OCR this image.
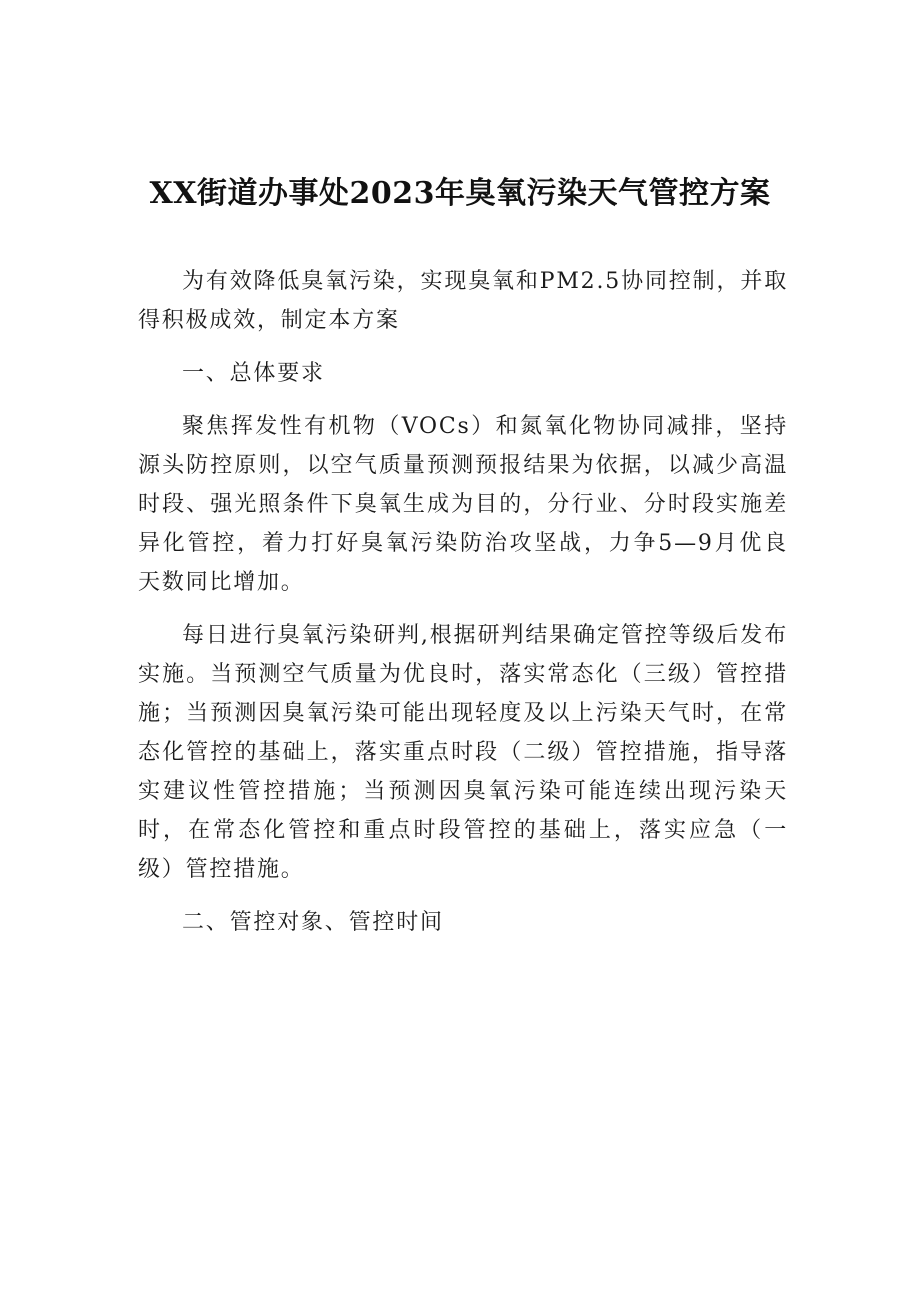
XX街道办事处2023年臭氧污染天气管控方案

为有效降低臭氧污染，实现臭氧和PM2.5协同控制，并取得积极成效，制定本方案

一、总体要求

聚焦挥发性有机物（VOCs）和氮氧化物协同减排，坚持源头防控原则，以空气质量预测预报结果为依据，以减少高温时段、强光照条件下臭氧生成为目的，分行业、分时段实施差异化管控，着力打好臭氧污染防治攻坚战，力争5—9月优良天数同比增加。

每日进行臭氧污染研判,根据研判结果确定管控等级后发布实施。当预测空气质量为优良时，落实常态化（三级）管控措施；当预测因臭氧污染可能出现轻度及以上污染天气时，在常态化管控的基础上，落实重点时段（二级）管控措施，指导落实建议性管控措施；当预测因臭氧污染可能连续出现污染天时，在常态化管控和重点时段管控的基础上，落实应急（一级）管控措施。

二、管控对象、管控时间
